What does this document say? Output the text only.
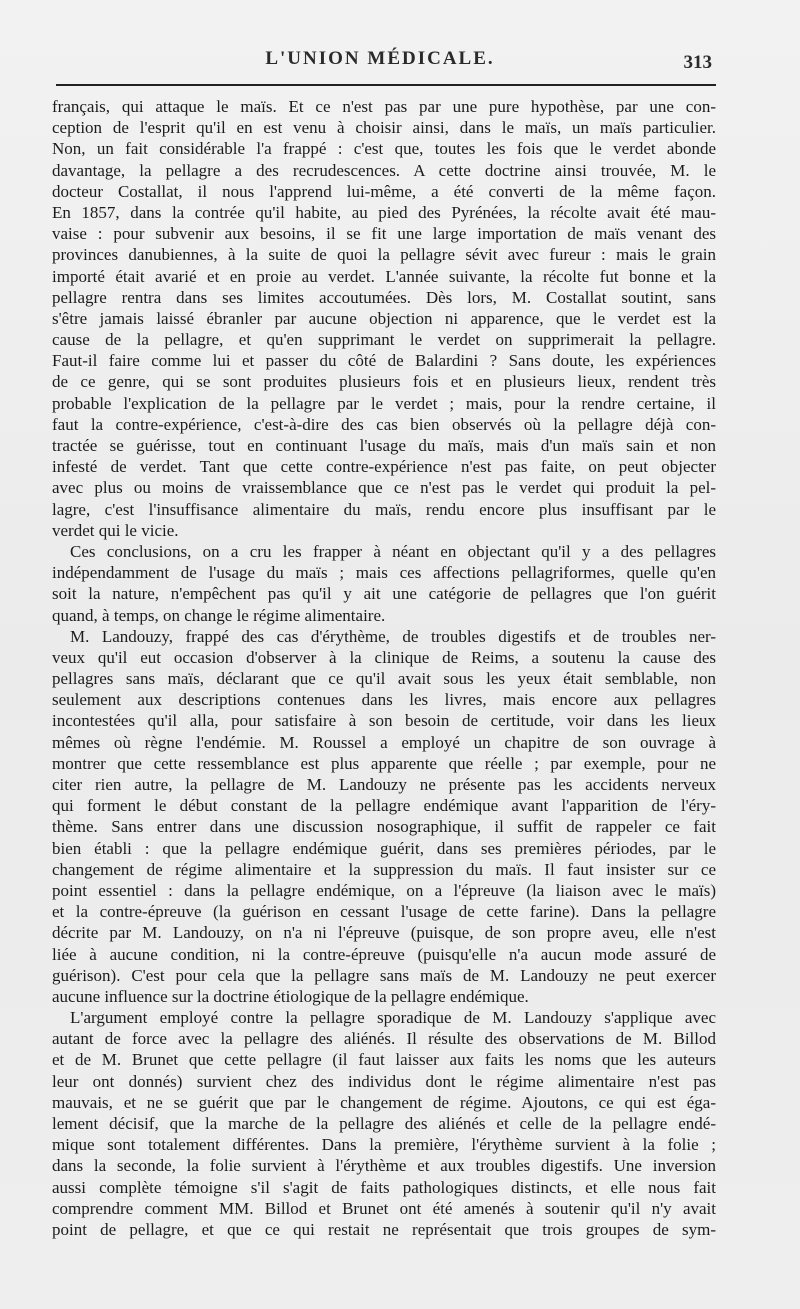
L'UNION MÉDICALE.	313
français, qui attaque le maïs. Et ce n'est pas par une pure hypothèse, par une con-
ception de l'esprit qu'il en est venu à choisir ainsi, dans le maïs, un maïs particulier.
Non, un fait considérable l'a frappé : c'est que, toutes les fois que le verdet abonde
davantage, la pellagre a des recrudescences. A cette doctrine ainsi trouvée, M. le
docteur Costallat, il nous l'apprend lui-même, a été converti de la même façon.
En 1857, dans la contrée qu'il habite, au pied des Pyrénées, la récolte avait été mau-
vaise : pour subvenir aux besoins, il se fit une large importation de maïs venant des
provinces danubiennes, à la suite de quoi la pellagre sévit avec fureur : mais le grain
importé était avarié et en proie au verdet. L'année suivante, la récolte fut bonne et la
pellagre rentra dans ses limites accoutumées. Dès lors, M. Costallat soutint, sans
s'être jamais laissé ébranler par aucune objection ni apparence, que le verdet est la
cause de la pellagre, et qu'en supprimant le verdet on supprimerait la pellagre.
Faut-il faire comme lui et passer du côté de Balardini ? Sans doute, les expériences
de ce genre, qui se sont produites plusieurs fois et en plusieurs lieux, rendent très
probable l'explication de la pellagre par le verdet ; mais, pour la rendre certaine, il
faut la contre-expérience, c'est-à-dire des cas bien observés où la pellagre déjà con-
tractée se guérisse, tout en continuant l'usage du maïs, mais d'un maïs sain et non
infesté de verdet. Tant que cette contre-expérience n'est pas faite, on peut objecter
avec plus ou moins de vraissemblance que ce n'est pas le verdet qui produit la pel-
lagre, c'est l'insuffisance alimentaire du maïs, rendu encore plus insuffisant par le
verdet qui le vicie.
Ces conclusions, on a cru les frapper à néant en objectant qu'il y a des pellagres
indépendamment de l'usage du maïs ; mais ces affections pellagriformes, quelle qu'en
soit la nature, n'empêchent pas qu'il y ait une catégorie de pellagres que l'on guérit
quand, à temps, on change le régime alimentaire.
M. Landouzy, frappé des cas d'érythème, de troubles digestifs et de troubles ner-
veux qu'il eut occasion d'observer à la clinique de Reims, a soutenu la cause des
pellagres sans maïs, déclarant que ce qu'il avait sous les yeux était semblable, non
seulement aux descriptions contenues dans les livres, mais encore aux pellagres
incontestées qu'il alla, pour satisfaire à son besoin de certitude, voir dans les lieux
mêmes où règne l'endémie. M. Roussel a employé un chapitre de son ouvrage à
montrer que cette ressemblance est plus apparente que réelle ; par exemple, pour ne
citer rien autre, la pellagre de M. Landouzy ne présente pas les accidents nerveux
qui forment le début constant de la pellagre endémique avant l'apparition de l'éry-
thème. Sans entrer dans une discussion nosographique, il suffit de rappeler ce fait
bien établi : que la pellagre endémique guérit, dans ses premières périodes, par le
changement de régime alimentaire et la suppression du maïs. Il faut insister sur ce
point essentiel : dans la pellagre endémique, on a l'épreuve (la liaison avec le maïs)
et la contre-épreuve (la guérison en cessant l'usage de cette farine). Dans la pellagre
décrite par M. Landouzy, on n'a ni l'épreuve (puisque, de son propre aveu, elle n'est
liée à aucune condition, ni la contre-épreuve (puisqu'elle n'a aucun mode assuré de
guérison). C'est pour cela que la pellagre sans maïs de M. Landouzy ne peut exercer
aucune influence sur la doctrine étiologique de la pellagre endémique.
L'argument employé contre la pellagre sporadique de M. Landouzy s'applique avec
autant de force avec la pellagre des aliénés. Il résulte des observations de M. Billod
et de M. Brunet que cette pellagre (il faut laisser aux faits les noms que les auteurs
leur ont donnés) survient chez des individus dont le régime alimentaire n'est pas
mauvais, et ne se guérit que par le changement de régime. Ajoutons, ce qui est éga-
lement décisif, que la marche de la pellagre des aliénés et celle de la pellagre endé-
mique sont totalement différentes. Dans la première, l'érythème survient à la folie ;
dans la seconde, la folie survient à l'érythème et aux troubles digestifs. Une inversion
aussi complète témoigne s'il s'agit de faits pathologiques distincts, et elle nous fait
comprendre comment MM. Billod et Brunet ont été amenés à soutenir qu'il n'y avait
point de pellagre, et que ce qui restait ne représentait que trois groupes de sym-
